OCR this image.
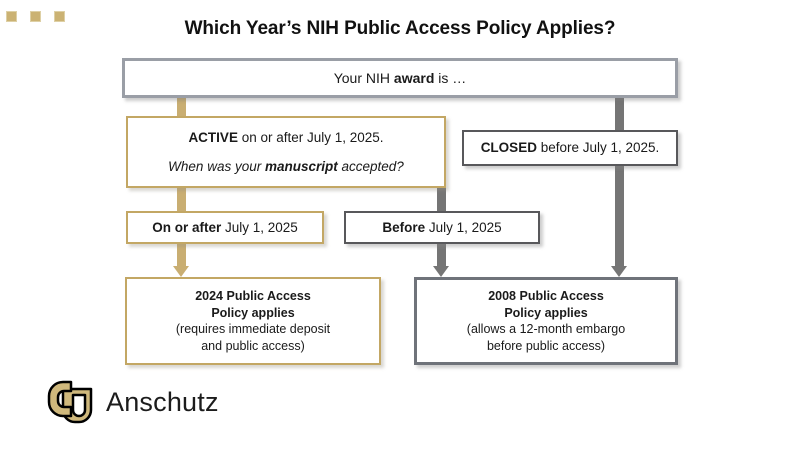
Which Year’s NIH Public Access Policy Applies?
Your NIH award is …
ACTIVE on or after July 1, 2025.
When was your manuscript accepted?
CLOSED before July 1, 2025.
On or after July 1, 2025	Before July 1, 2025
2024 Public Access
Policy applies
(requires immediate deposit
and public access)
2008 Public Access
Policy applies
(allows a 12-month embargo
before public access)
Anschutz
